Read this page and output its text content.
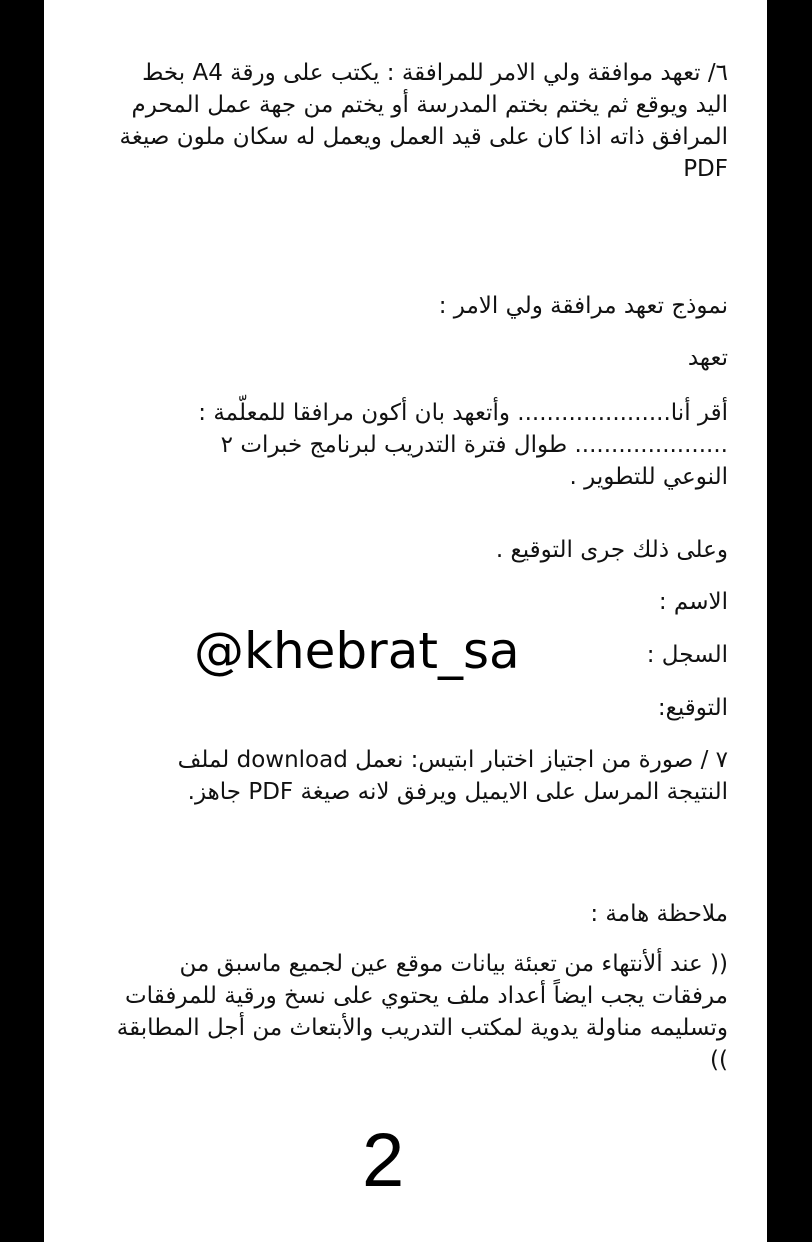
٦/ تعهد موافقة ولي الامر للمرافقة : يكتب على ورقة A4 بخط
اليد ويوقع ثم يختم بختم المدرسة أو يختم من جهة عمل المحرم
المرافق ذاته اذا كان على قيد العمل ويعمل له سكان ملون صيغة
PDF
نموذج تعهد مرافقة ولي الامر :
تعهد
أقر أنا..................... وأتعهد بان أكون مرافقا للمعلّمة :
..................... طوال فترة التدريب لبرنامج خبرات ٢
النوعي للتطوير .
وعلى ذلك جرى التوقيع .
الاسم :
السجل :
التوقيع:
@khebrat_sa
٧ / صورة من اجتياز اختبار ابتيس: نعمل download لملف
النتيجة المرسل على الايميل ويرفق لانه صيغة PDF جاهز.
ملاحظة هامة :
(( عند ألأنتهاء من تعبئة بيانات موقع عين لجميع ماسبق من
مرفقات يجب ايضاً أعداد ملف يحتوي على نسخ ورقية للمرفقات
وتسليمه مناولة يدوية لمكتب التدريب والأبتعاث من أجل المطابقة
))
2
